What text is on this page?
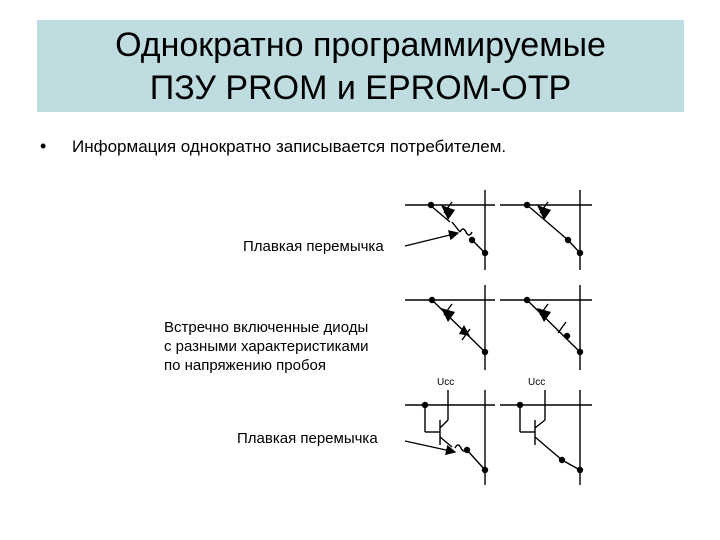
Однократно программируемые
ПЗУ PROM и EPROM-OTP
• Информация однократно записывается потребителем.
Плавкая перемычка
Встречно включенные диоды
с разными характеристиками
по напряжению пробоя
Плавкая перемычка
Ucc	Ucc
